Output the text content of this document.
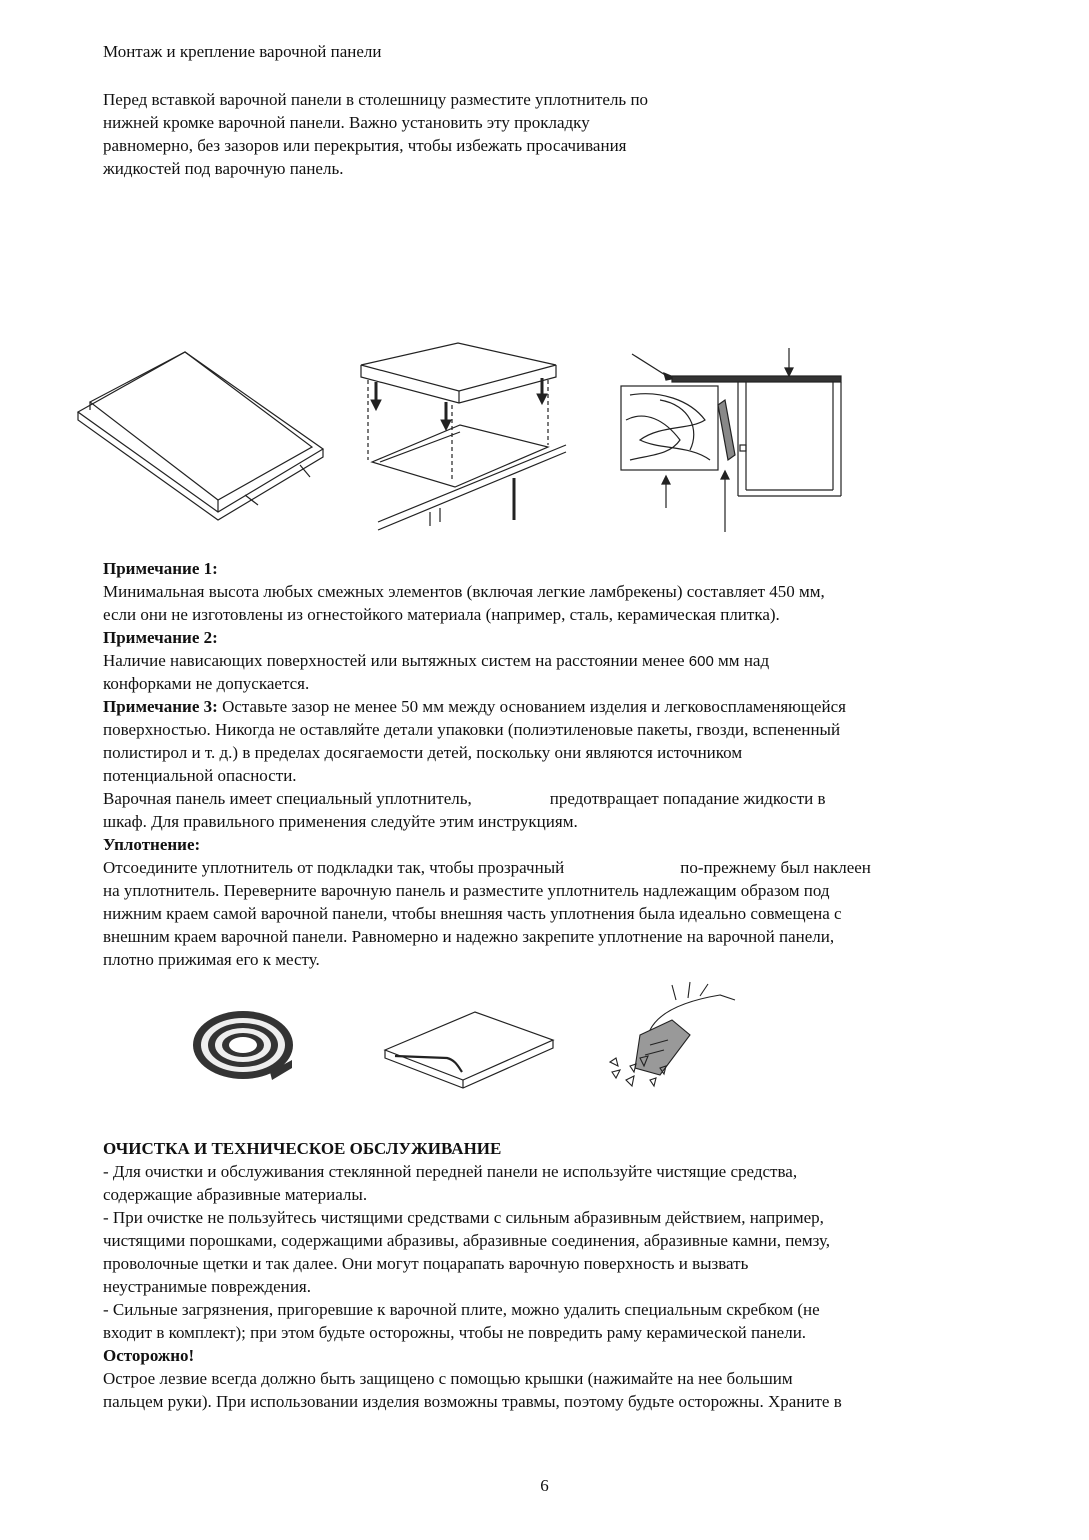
Монтаж и крепление варочной панели
Перед вставкой варочной панели в столешницу разместите уплотнитель по
нижней кромке варочной панели. Важно установить эту прокладку
равномерно, без зазоров или перекрытия, чтобы избежать просачивания
жидкостей под варочную панель.
Примечание 1:
Минимальная высота любых смежных элементов (включая легкие ламбрекены) составляет 450 мм,
если они не изготовлены из огнестойкого материала (например, сталь, керамическая плитка).
Примечание 2:
Наличие нависающих поверхностей или вытяжных систем на расстоянии менее 600 мм над
конфорками не допускается.
Примечание 3: Оставьте зазор не менее 50 мм между основанием изделия и легковоспламеняющейся
поверхностью. Никогда не оставляйте детали упаковки (полиэтиленовые пакеты, гвозди, вспененный
полистирол и т. д.) в пределах досягаемости детей, поскольку они являются источником
потенциальной опасности.
Варочная панель имеет специальный уплотнитель,	предотвращает попадание жидкости в
шкаф. Для правильного применения следуйте этим инструкциям.
Уплотнение:
Отсоедините уплотнитель от подкладки так, чтобы прозрачный	по-прежнему был наклеен
на уплотнитель. Переверните варочную панель и разместите уплотнитель надлежащим образом под
нижним краем самой варочной панели, чтобы внешняя часть уплотнения была идеально совмещена с
внешним краем варочной панели. Равномерно и надежно закрепите уплотнение на варочной панели,
плотно прижимая его к месту.
ОЧИСТКА И ТЕХНИЧЕСКОЕ ОБСЛУЖИВАНИЕ
- Для очистки и обслуживания стеклянной передней панели не используйте чистящие средства,
содержащие абразивные материалы.
- При очистке не пользуйтесь чистящими средствами с сильным абразивным действием, например,
чистящими порошками, содержащими абразивы, абразивные соединения, абразивные камни, пемзу,
проволочные щетки и так далее. Они могут поцарапать варочную поверхность и вызвать
неустранимые повреждения.
- Сильные загрязнения, пригоревшие к варочной плите, можно удалить специальным скребком (не
входит в комплект); при этом будьте осторожны, чтобы не повредить раму керамической панели.
Осторожно!
Острое лезвие всегда должно быть защищено с помощью крышки (нажимайте на нее большим
пальцем руки). При использовании изделия возможны травмы, поэтому будьте осторожны. Храните в
6
